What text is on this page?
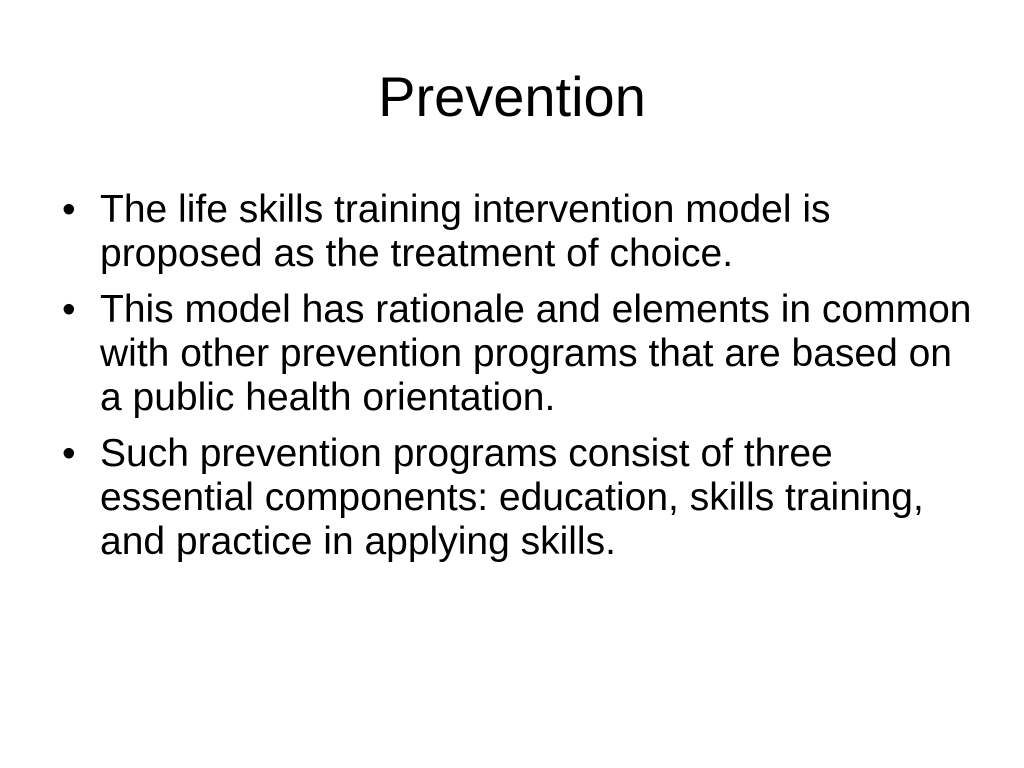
Prevention
• The life skills training intervention model is proposed as the treatment of choice.
• This model has rationale and elements in common with other prevention programs that are based on a public health orientation.
• Such prevention programs consist of three essential components: education, skills training, and practice in applying skills.
